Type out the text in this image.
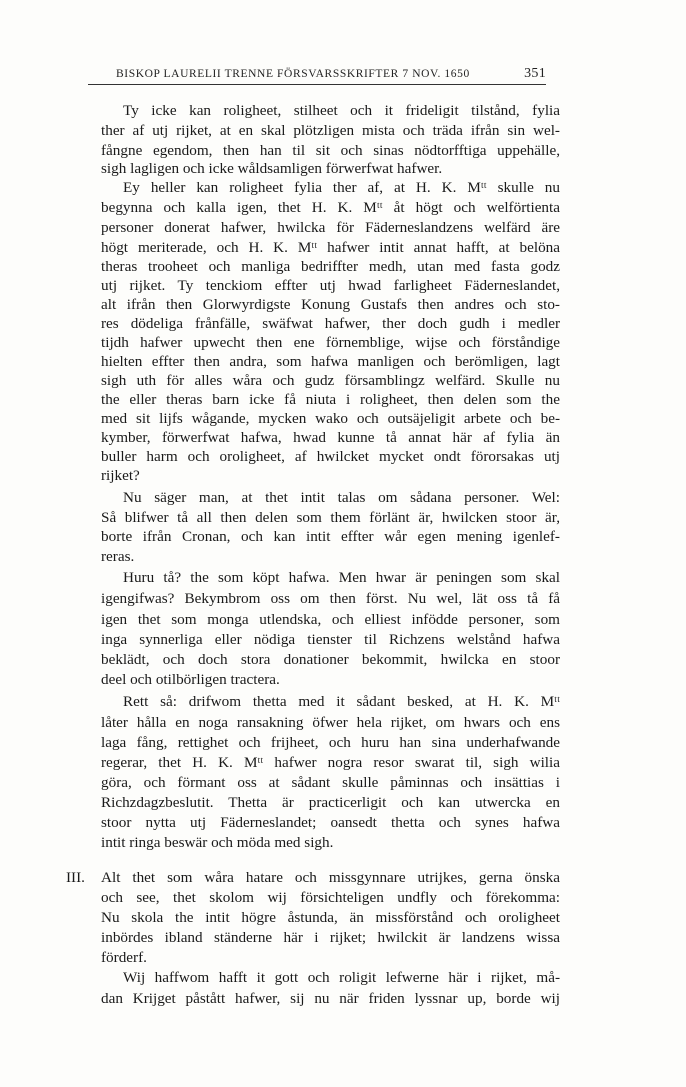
BISKOP LAURELII TRENNE FÖRSVARSSKRIFTER 7 NOV. 1650	351
Ty icke kan roligheet, stilheet och it frideligit tilstånd, fylia
ther af utj rijket, at en skal plötzligen mista och träda ifrån sin wel-
fångne egendom, then han til sit och sinas nödtorfftiga uppehälle,
sigh lagligen och icke wåldsamligen förwerfwat hafwer.
Ey heller kan roligheet fylia ther af, at H. K. Mᵗᵗ skulle nu
begynna och kalla igen, thet H. K. Mᵗᵗ åt högt och welförtienta
personer donerat hafwer, hwilcka för Fäderneslandzens welfärd äre
högt meriterade, och H. K. Mᵗᵗ hafwer intit annat hafft, at belöna
theras trooheet och manliga bedriffter medh, utan med fasta godz
utj rijket. Ty tenckiom effter utj hwad farligheet Fäderneslandet,
alt ifrån then Glorwyrdigste Konung Gustafs then andres och sto-
res dödeliga frånfälle, swäfwat hafwer, ther doch gudh i medler
tijdh hafwer upwecht then ene förnemblige, wijse och förståndige
hielten effter then andra, som hafwa manligen och berömligen, lagt
sigh uth för alles wåra och gudz församblingz welfärd. Skulle nu
the eller theras barn icke få niuta i roligheet, then delen som the
med sit lijfs wågande, mycken wako och outsäjeligit arbete och be-
kymber, förwerfwat hafwa, hwad kunne tå annat här af fylia än
buller harm och oroligheet, af hwilcket mycket ondt förorsakas utj
rijket?
Nu säger man, at thet intit talas om sådana personer. Wel:
Så blifwer tå all then delen som them förlänt är, hwilcken stoor är,
borte ifrån Cronan, och kan intit effter wår egen mening igenlef-
reras.
Huru tå? the som köpt hafwa. Men hwar är peningen som skal
igengifwas? Bekymbrom oss om then först. Nu wel, lät oss tå få
igen thet som monga utlendska, och elliest infödde personer, som
inga synnerliga eller nödiga tienster til Richzens welstånd hafwa
beklädt, och doch stora donationer bekommit, hwilcka en stoor
deel och otilbörligen tractera.
Rett så: drifwom thetta med it sådant besked, at H. K. Mᵗᵗ
låter hålla en noga ransakning öfwer hela rijket, om hwars och ens
laga fång, rettighet och frijheet, och huru han sina underhafwande
regerar, thet H. K. Mᵗᵗ hafwer nogra resor swarat til, sigh wilia
göra, och förmant oss at sådant skulle påminnas och insättias i
Richzdagzbeslutit. Thetta är practicerligit och kan utwercka en
stoor nytta utj Fäderneslandet; oansedt thetta och synes hafwa
intit ringa beswär och möda med sigh.
III.	Alt thet som wåra hatare och missgynnare utrijkes, gerna önska
och see, thet skolom wij försichteligen undfly och förekomma:
Nu skola the intit högre åstunda, än missförstånd och oroligheet
inbördes ibland ständerne här i rijket; hwilckit är landzens wissa
förderf.
Wij haffwom hafft it gott och roligit lefwerne här i rijket, må-
dan Krijget påstått hafwer, sij nu när friden lyssnar up, borde wij
